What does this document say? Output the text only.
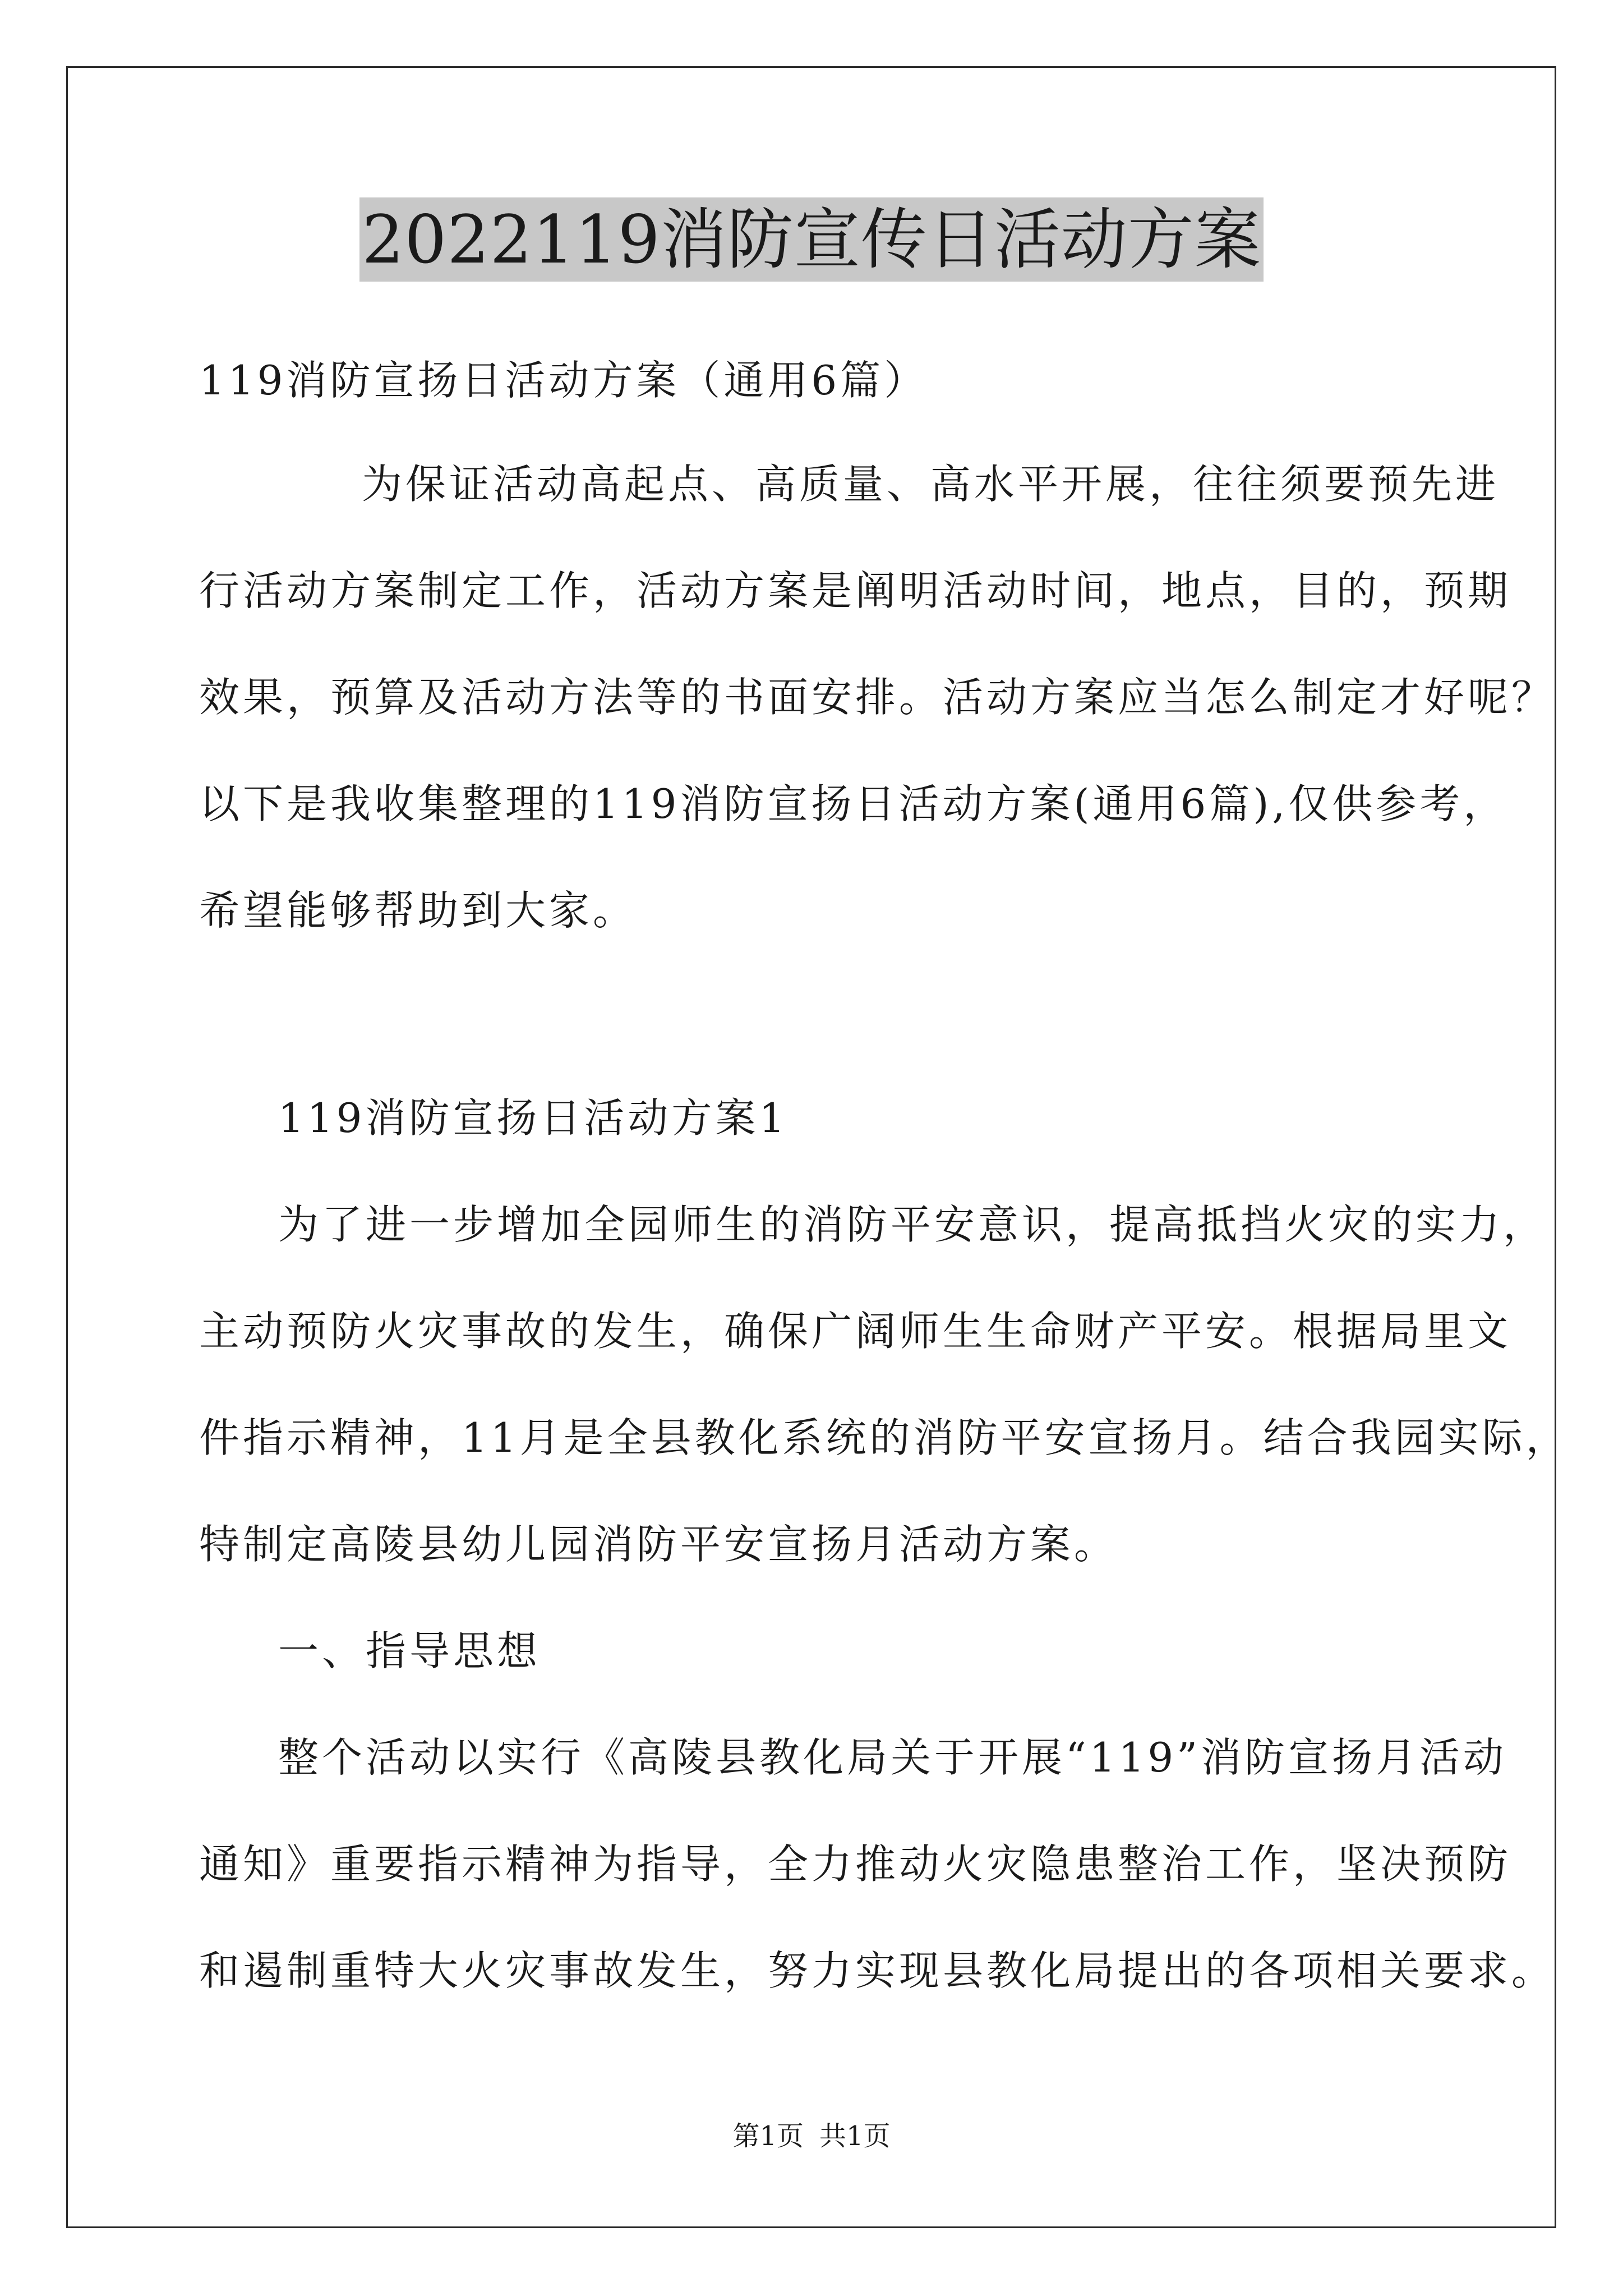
2022119消防宣传日活动方案
119消防宣扬日活动方案（通用6篇）
为保证活动高起点、高质量、高水平开展，往往须要预先进
行活动方案制定工作，活动方案是阐明活动时间，地点，目的，预期
效果，预算及活动方法等的书面安排。活动方案应当怎么制定才好呢？
以下是我收集整理的119消防宣扬日活动方案(通用6篇),仅供参考，
希望能够帮助到大家。
119消防宣扬日活动方案1
为了进一步增加全园师生的消防平安意识，提高抵挡火灾的实力，
主动预防火灾事故的发生，确保广阔师生生命财产平安。根据局里文
件指示精神，11月是全县教化系统的消防平安宣扬月。结合我园实际，
特制定高陵县幼儿园消防平安宣扬月活动方案。
一、指导思想
整个活动以实行《高陵县教化局关于开展“119”消防宣扬月活动
通知》重要指示精神为指导，全力推动火灾隐患整治工作，坚决预防
和遏制重特大火灾事故发生，努力实现县教化局提出的各项相关要求。
第1页 共1页
